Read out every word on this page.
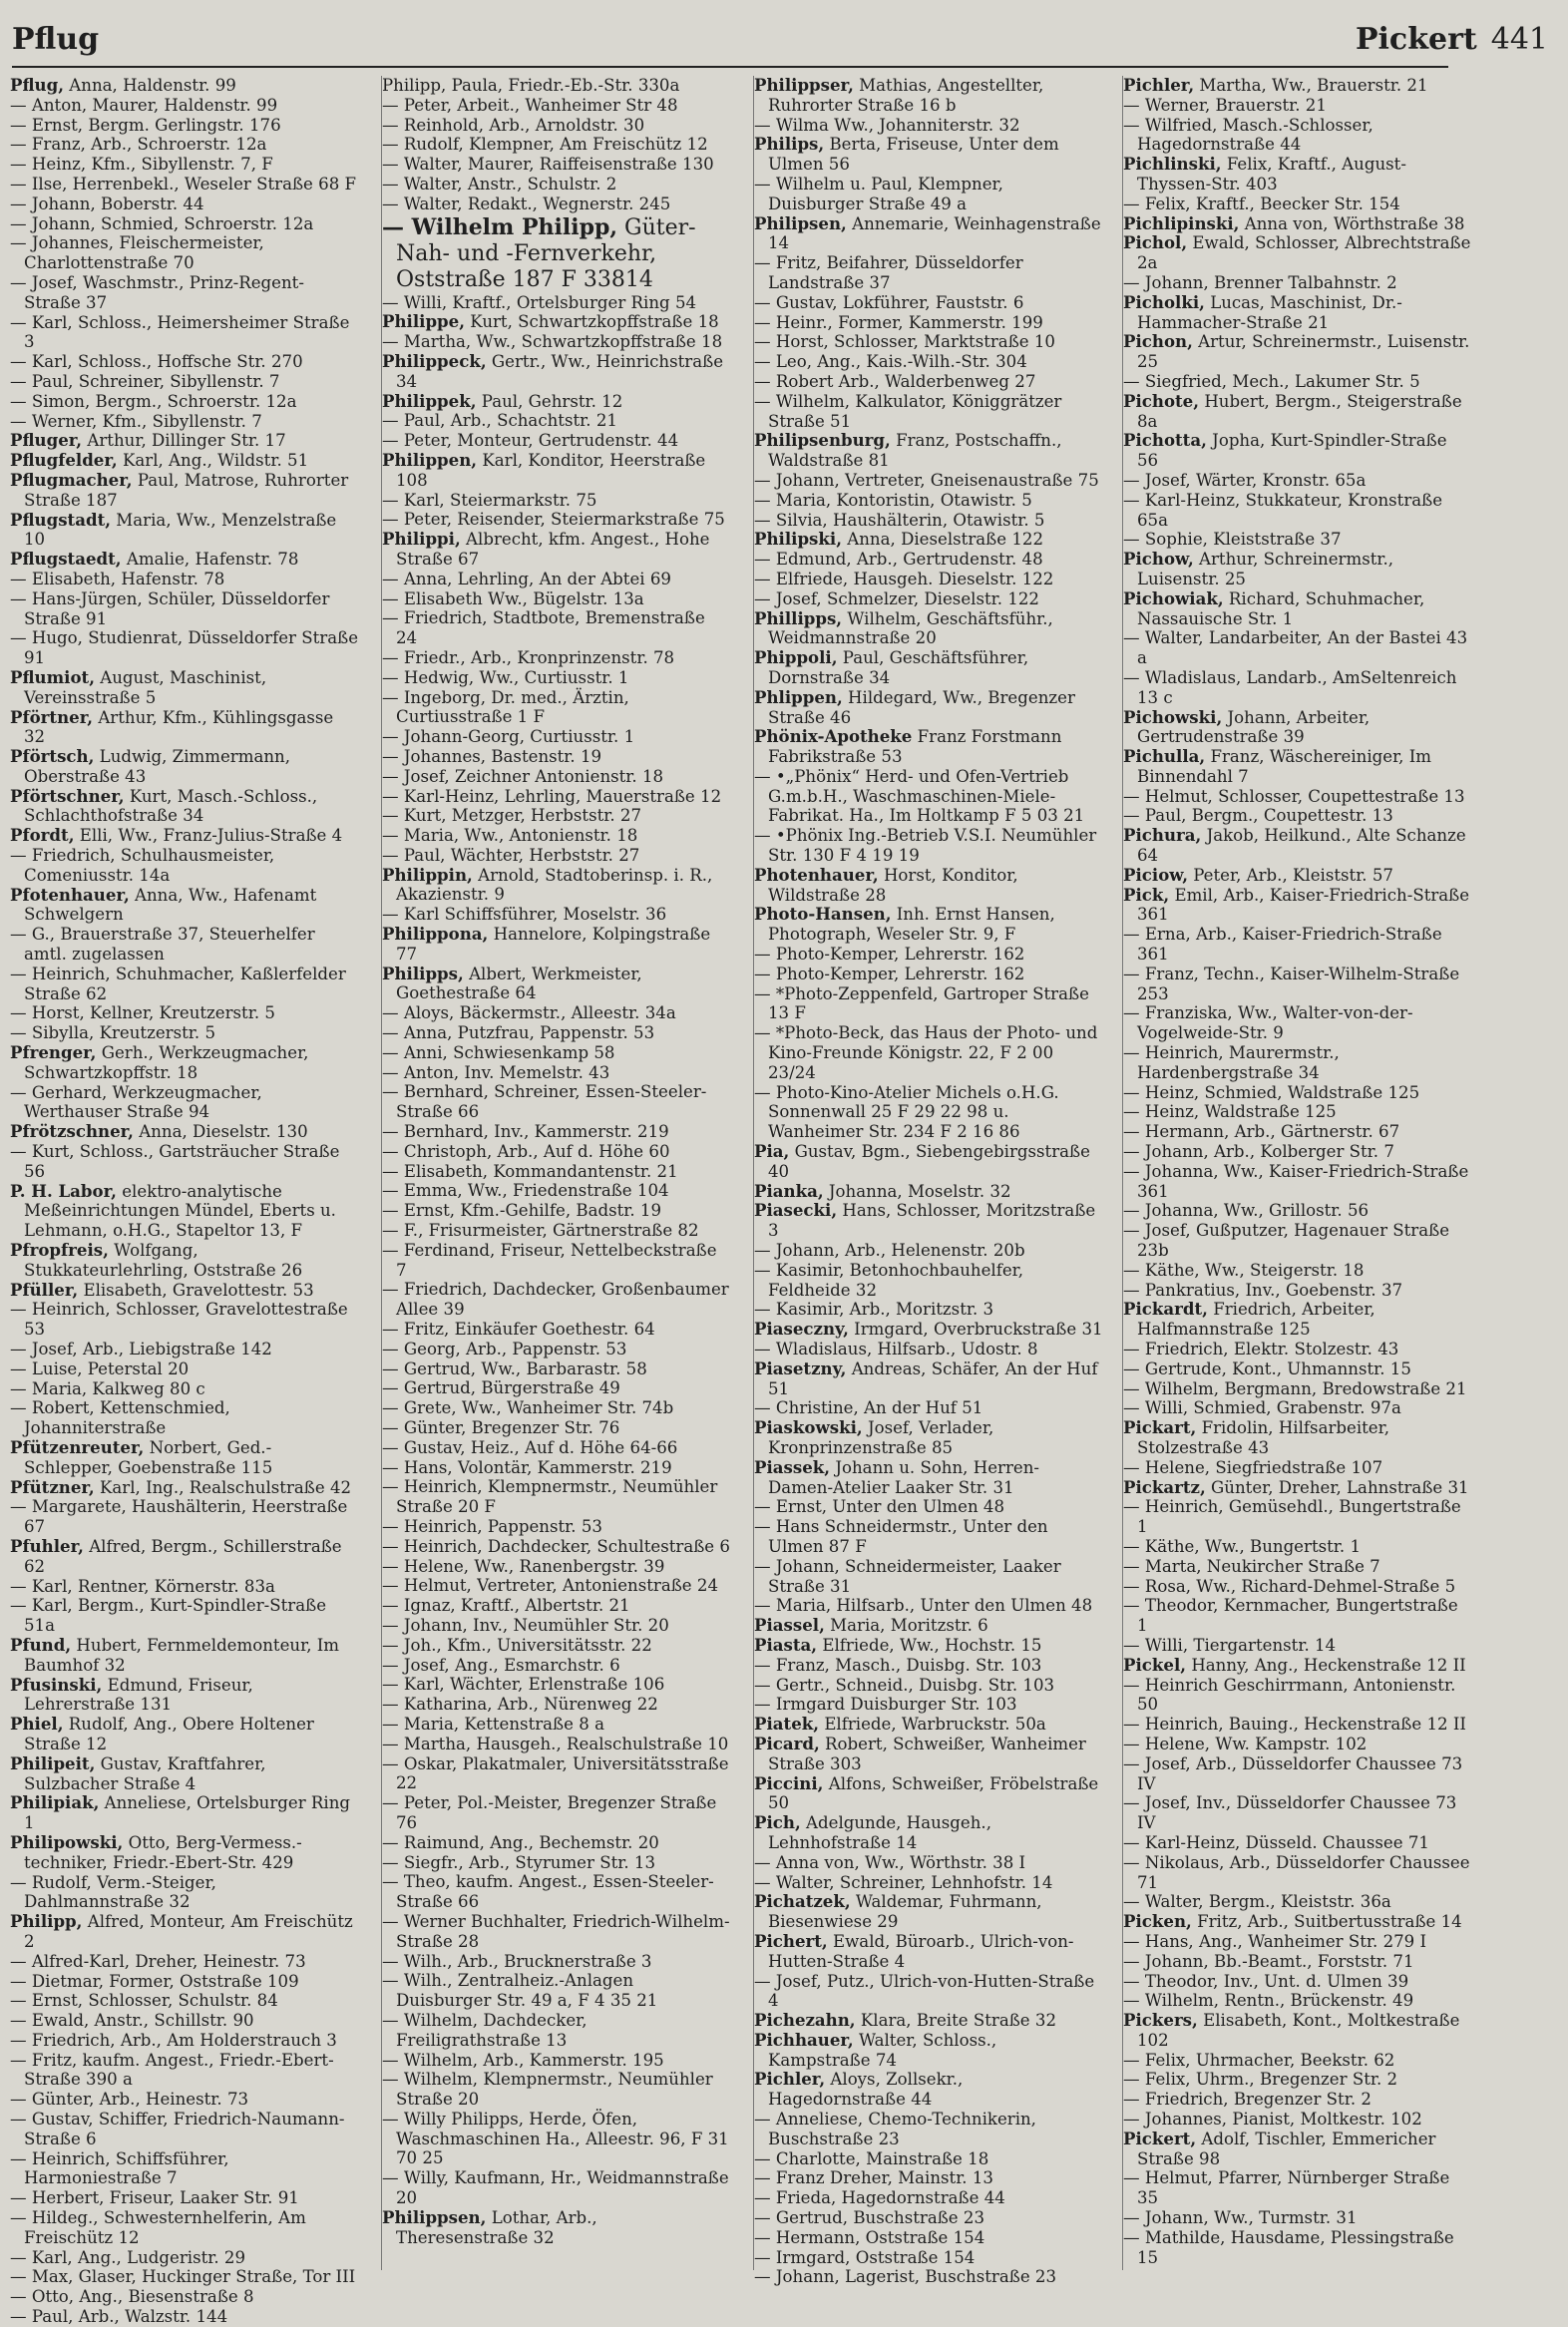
Pflug	Pickert 441

Pflug, Anna, Haldenstr. 99

— Anton, Maurer, Haldenstr. 99

— Ernst, Bergm. Gerlingstr. 176

— Franz, Arb., Schroerstr. 12a

— Heinz, Kfm., Sibyllenstr. 7, F

— Ilse, Herrenbekl., Weseler Straße 68 F

— Johann, Boberstr. 44

— Johann, Schmied, Schroerstr. 12a

— Johannes, Fleischermeister, Charlottenstraße 70

— Josef, Waschmstr., Prinz-Regent-Straße 37

— Karl, Schloss., Heimersheimer Straße 3

— Karl, Schloss., Hoffsche Str. 270

— Paul, Schreiner, Sibyllenstr. 7

— Simon, Bergm., Schroerstr. 12a

— Werner, Kfm., Sibyllenstr. 7

Pfluger, Arthur, Dillinger Str. 17

Pflugfelder, Karl, Ang., Wildstr. 51

Pflugmacher, Paul, Matrose, Ruhrorter Straße 187

Pflugstadt, Maria, Ww., Menzelstraße 10

Pflugstaedt, Amalie, Hafenstr. 78

— Elisabeth, Hafenstr. 78

— Hans-Jürgen, Schüler, Düsseldorfer Straße 91

— Hugo, Studienrat, Düsseldorfer Straße 91

Pflumiot, August, Maschinist, Vereinsstraße 5

Pförtner, Arthur, Kfm., Kühlingsgasse 32

Pförtsch, Ludwig, Zimmermann, Oberstraße 43

Pförtschner, Kurt, Masch.-Schloss., Schlachthofstraße 34

Pfordt, Elli, Ww., Franz-Julius-Straße 4

— Friedrich, Schulhausmeister, Comeniusstr. 14a

Pfotenhauer, Anna, Ww., Hafenamt Schwelgern

— G., Brauerstraße 37, Steuerhelfer amtl. zugelassen

— Heinrich, Schuhmacher, Kaßlerfelder Straße 62

— Horst, Kellner, Kreutzerstr. 5

— Sibylla, Kreutzerstr. 5

Pfrenger, Gerh., Werkzeugmacher, Schwartzkopffstr. 18

— Gerhard, Werkzeugmacher, Werthauser Straße 94

Pfrötzschner, Anna, Dieselstr. 130

— Kurt, Schloss., Gartsträucher Straße 56

P. H. Labor, elektro-analytische Meßeinrichtungen Mündel, Eberts u. Lehmann, o.H.G., Stapeltor 13, F

Pfropfreis, Wolfgang, Stukkateurlehrling, Oststraße 26

Pfüller, Elisabeth, Gravelottestr. 53

— Heinrich, Schlosser, Gravelottestraße 53

— Josef, Arb., Liebigstraße 142

— Luise, Peterstal 20

— Maria, Kalkweg 80 c

— Robert, Kettenschmied, Johanniterstraße

Pfützenreuter, Norbert, Ged.-Schlepper, Goebenstraße 115

Pfützner, Karl, Ing., Realschulstraße 42

— Margarete, Haushälterin, Heerstraße 67

Pfuhler, Alfred, Bergm., Schillerstraße 62

— Karl, Rentner, Körnerstr. 83a

— Karl, Bergm., Kurt-Spindler-Straße 51a

Pfund, Hubert, Fernmeldemonteur, Im Baumhof 32

Pfusinski, Edmund, Friseur, Lehrerstraße 131

Phiel, Rudolf, Ang., Obere Holtener Straße 12

Philipeit, Gustav, Kraftfahrer, Sulzbacher Straße 4

Philipiak, Anneliese, Ortelsburger Ring 1

Philipowski, Otto, Berg-Vermess.-techniker, Friedr.-Ebert-Str. 429

— Rudolf, Verm.-Steiger, Dahlmannstraße 32

Philipp, Alfred, Monteur, Am Freischütz 2

— Alfred-Karl, Dreher, Heinestr. 73

— Dietmar, Former, Oststraße 109

— Ernst, Schlosser, Schulstr. 84

— Ewald, Anstr., Schillstr. 90

— Friedrich, Arb., Am Holderstrauch 3

— Fritz, kaufm. Angest., Friedr.-Ebert-Straße 390 a

— Günter, Arb., Heinestr. 73

— Gustav, Schiffer, Friedrich-Naumann-Straße 6

— Heinrich, Schiffsführer, Harmoniestraße 7

— Herbert, Friseur, Laaker Str. 91

— Hildeg., Schwesternhelferin, Am Freischütz 12

— Karl, Ang., Ludgeristr. 29

— Max, Glaser, Huckinger Straße, Tor III

— Otto, Ang., Biesenstraße 8

— Paul, Arb., Walzstr. 144

Philipp, Paula, Friedr.-Eb.-Str. 330a

— Peter, Arbeit., Wanheimer Str 48

— Reinhold, Arb., Arnoldstr. 30

— Rudolf, Klempner, Am Freischütz 12

— Walter, Maurer, Raiffeisenstraße 130

— Walter, Anstr., Schulstr. 2

— Walter, Redakt., Wegnerstr. 245

— Wilhelm Philipp, Güter-Nah- und -Fernverkehr, Oststraße 187 F 33814

— Willi, Kraftf., Ortelsburger Ring 54

Philippe, Kurt, Schwartzkopffstraße 18

— Martha, Ww., Schwartzkopffstraße 18

Philippeck, Gertr., Ww., Heinrichstraße 34

Philippek, Paul, Gehrstr. 12

— Paul, Arb., Schachtstr. 21

— Peter, Monteur, Gertrudenstr. 44

Philippen, Karl, Konditor, Heerstraße 108

— Karl, Steiermarkstr. 75

— Peter, Reisender, Steiermarkstraße 75

Philippi, Albrecht, kfm. Angest., Hohe Straße 67

— Anna, Lehrling, An der Abtei 69

— Elisabeth Ww., Bügelstr. 13a

— Friedrich, Stadtbote, Bremenstraße 24

— Friedr., Arb., Kronprinzenstr. 78

— Hedwig, Ww., Curtiusstr. 1

— Ingeborg, Dr. med., Ärztin, Curtiusstraße 1 F

— Johann-Georg, Curtiusstr. 1

— Johannes, Bastenstr. 19

— Josef, Zeichner Antonienstr. 18

— Karl-Heinz, Lehrling, Mauerstraße 12

— Kurt, Metzger, Herbststr. 27

— Maria, Ww., Antonienstr. 18

— Paul, Wächter, Herbststr. 27

Philippin, Arnold, Stadtoberinsp. i. R., Akazienstr. 9

— Karl Schiffsführer, Moselstr. 36

Philippona, Hannelore, Kolpingstraße 77

Philipps, Albert, Werkmeister, Goethestraße 64

— Aloys, Bäckermstr., Alleestr. 34a

— Anna, Putzfrau, Pappenstr. 53

— Anni, Schwiesenkamp 58

— Anton, Inv. Memelstr. 43

— Bernhard, Schreiner, Essen-Steeler-Straße 66

— Bernhard, Inv., Kammerstr. 219

— Christoph, Arb., Auf d. Höhe 60

— Elisabeth, Kommandantenstr. 21

— Emma, Ww., Friedenstraße 104

— Ernst, Kfm.-Gehilfe, Badstr. 19

— F., Frisurmeister, Gärtnerstraße 82

— Ferdinand, Friseur, Nettelbeckstraße 7

— Friedrich, Dachdecker, Großenbaumer Allee 39

— Fritz, Einkäufer Goethestr. 64

— Georg, Arb., Pappenstr. 53

— Gertrud, Ww., Barbarastr. 58

— Gertrud, Bürgerstraße 49

— Grete, Ww., Wanheimer Str. 74b

— Günter, Bregenzer Str. 76

— Gustav, Heiz., Auf d. Höhe 64-66

— Hans, Volontär, Kammerstr. 219

— Heinrich, Klempnermstr., Neumühler Straße 20 F

— Heinrich, Pappenstr. 53

— Heinrich, Dachdecker, Schultestraße 6

— Helene, Ww., Ranenbergstr. 39

— Helmut, Vertreter, Antonienstraße 24

— Ignaz, Kraftf., Albertstr. 21

— Johann, Inv., Neumühler Str. 20

— Joh., Kfm., Universitätsstr. 22

— Josef, Ang., Esmarchstr. 6

— Karl, Wächter, Erlenstraße 106

— Katharina, Arb., Nürenweg 22

— Maria, Kettenstraße 8 a

— Martha, Hausgeh., Realschulstraße 10

— Oskar, Plakatmaler, Universitätsstraße 22

— Peter, Pol.-Meister, Bregenzer Straße 76

— Raimund, Ang., Bechemstr. 20

— Siegfr., Arb., Styrumer Str. 13

— Theo, kaufm. Angest., Essen-Steeler-Straße 66

— Werner Buchhalter, Friedrich-Wilhelm-Straße 28

— Wilh., Arb., Brucknerstraße 3

— Wilh., Zentralheiz.-Anlagen Duisburger Str. 49 a, F 4 35 21

— Wilhelm, Dachdecker, Freiligrathstraße 13

— Wilhelm, Arb., Kammerstr. 195

— Wilhelm, Klempnermstr., Neumühler Straße 20

— Willy Philipps, Herde, Öfen, Waschmaschinen Ha., Alleestr. 96, F 31 70 25

— Willy, Kaufmann, Hr., Weidmannstraße 20

Philippsen, Lothar, Arb., Theresenstraße 32

Philippser, Mathias, Angestellter, Ruhrorter Straße 16 b

— Wilma Ww., Johanniterstr. 32

Philips, Berta, Friseuse, Unter dem Ulmen 56

— Wilhelm u. Paul, Klempner, Duisburger Straße 49 a

Philipsen, Annemarie, Weinhagenstraße 14

— Fritz, Beifahrer, Düsseldorfer Landstraße 37

— Gustav, Lokführer, Fauststr. 6

— Heinr., Former, Kammerstr. 199

— Horst, Schlosser, Marktstraße 10

— Leo, Ang., Kais.-Wilh.-Str. 304

— Robert Arb., Walderbenweg 27

— Wilhelm, Kalkulator, Königgrätzer Straße 51

Philipsenburg, Franz, Postschaffn., Waldstraße 81

— Johann, Vertreter, Gneisenaustraße 75

— Maria, Kontoristin, Otawistr. 5

— Silvia, Haushälterin, Otawistr. 5

Philipski, Anna, Dieselstraße 122

— Edmund, Arb., Gertrudenstr. 48

— Elfriede, Hausgeh. Dieselstr. 122

— Josef, Schmelzer, Dieselstr. 122

Phillipps, Wilhelm, Geschäftsführ., Weidmannstraße 20

Phippoli, Paul, Geschäftsführer, Dornstraße 34

Phlippen, Hildegard, Ww., Bregenzer Straße 46

Phönix-Apotheke Franz Forstmann Fabrikstraße 53

— •„Phönix“ Herd- und Ofen-Vertrieb G.m.b.H., Waschmaschinen-Miele-Fabrikat. Ha., Im Holtkamp F 5 03 21

— •Phönix Ing.-Betrieb V.S.I. Neumühler Str. 130 F 4 19 19

Photenhauer, Horst, Konditor, Wildstraße 28

Photo-Hansen, Inh. Ernst Hansen, Photograph, Weseler Str. 9, F

— Photo-Kemper, Lehrerstr. 162

— Photo-Kemper, Lehrerstr. 162

— *Photo-Zeppenfeld, Gartroper Straße 13 F

— *Photo-Beck, das Haus der Photo- und Kino-Freunde Königstr. 22, F 2 00 23/24

— Photo-Kino-Atelier Michels o.H.G. Sonnenwall 25 F 29 22 98 u. Wanheimer Str. 234 F 2 16 86

Pia, Gustav, Bgm., Siebengebirgsstraße 40

Pianka, Johanna, Moselstr. 32

Piasecki, Hans, Schlosser, Moritzstraße 3

— Johann, Arb., Helenenstr. 20b

— Kasimir, Betonhochbauhelfer, Feldheide 32

— Kasimir, Arb., Moritzstr. 3

Piaseczny, Irmgard, Overbruckstraße 31

— Wladislaus, Hilfsarb., Udostr. 8

Piasetzny, Andreas, Schäfer, An der Huf 51

— Christine, An der Huf 51

Piaskowski, Josef, Verlader, Kronprinzenstraße 85

Piassek, Johann u. Sohn, Herren-Damen-Atelier Laaker Str. 31

— Ernst, Unter den Ulmen 48

— Hans Schneidermstr., Unter den Ulmen 87 F

— Johann, Schneidermeister, Laaker Straße 31

— Maria, Hilfsarb., Unter den Ulmen 48

Piassel, Maria, Moritzstr. 6

Piasta, Elfriede, Ww., Hochstr. 15

— Franz, Masch., Duisbg. Str. 103

— Gertr., Schneid., Duisbg. Str. 103

— Irmgard Duisburger Str. 103

Piatek, Elfriede, Warbruckstr. 50a

Picard, Robert, Schweißer, Wanheimer Straße 303

Piccini, Alfons, Schweißer, Fröbelstraße 50

Pich, Adelgunde, Hausgeh., Lehnhofstraße 14

— Anna von, Ww., Wörthstr. 38 I

— Walter, Schreiner, Lehnhofstr. 14

Pichatzek, Waldemar, Fuhrmann, Biesenwiese 29

Pichert, Ewald, Büroarb., Ulrich-von-Hutten-Straße 4

— Josef, Putz., Ulrich-von-Hutten-Straße 4

Pichezahn, Klara, Breite Straße 32

Pichhauer, Walter, Schloss., Kampstraße 74

Pichler, Aloys, Zollsekr., Hagedornstraße 44

— Anneliese, Chemo-Technikerin, Buschstraße 23

— Charlotte, Mainstraße 18

— Franz Dreher, Mainstr. 13

— Frieda, Hagedornstraße 44

— Gertrud, Buschstraße 23

— Hermann, Oststraße 154

— Irmgard, Oststraße 154

— Johann, Lagerist, Buschstraße 23

Pichler, Martha, Ww., Brauerstr. 21

— Werner, Brauerstr. 21

— Wilfried, Masch.-Schlosser, Hagedornstraße 44

Pichlinski, Felix, Kraftf., August-Thyssen-Str. 403

— Felix, Kraftf., Beecker Str. 154

Pichlipinski, Anna von, Wörthstraße 38

Pichol, Ewald, Schlosser, Albrechtstraße 2a

— Johann, Brenner Talbahnstr. 2

Picholki, Lucas, Maschinist, Dr.-Hammacher-Straße 21

Pichon, Artur, Schreinermstr., Luisenstr. 25

— Siegfried, Mech., Lakumer Str. 5

Pichote, Hubert, Bergm., Steigerstraße 8a

Pichotta, Jopha, Kurt-Spindler-Straße 56

— Josef, Wärter, Kronstr. 65a

— Karl-Heinz, Stukkateur, Kronstraße 65a

— Sophie, Kleiststraße 37

Pichow, Arthur, Schreinermstr., Luisenstr. 25

Pichowiak, Richard, Schuhmacher, Nassauische Str. 1

— Walter, Landarbeiter, An der Bastei 43 a

— Wladislaus, Landarb., AmSeltenreich 13 c

Pichowski, Johann, Arbeiter, Gertrudenstraße 39

Pichulla, Franz, Wäschereiniger, Im Binnendahl 7

— Helmut, Schlosser, Coupettestraße 13

— Paul, Bergm., Coupettestr. 13

Pichura, Jakob, Heilkund., Alte Schanze 64

Piciow, Peter, Arb., Kleiststr. 57

Pick, Emil, Arb., Kaiser-Friedrich-Straße 361

— Erna, Arb., Kaiser-Friedrich-Straße 361

— Franz, Techn., Kaiser-Wilhelm-Straße 253

— Franziska, Ww., Walter-von-der-Vogelweide-Str. 9

— Heinrich, Maurermstr., Hardenbergstraße 34

— Heinz, Schmied, Waldstraße 125

— Heinz, Waldstraße 125

— Hermann, Arb., Gärtnerstr. 67

— Johann, Arb., Kolberger Str. 7

— Johanna, Ww., Kaiser-Friedrich-Straße 361

— Johanna, Ww., Grillostr. 56

— Josef, Gußputzer, Hagenauer Straße 23b

— Käthe, Ww., Steigerstr. 18

— Pankratius, Inv., Goebenstr. 37

Pickardt, Friedrich, Arbeiter, Halfmannstraße 125

— Friedrich, Elektr. Stolzestr. 43

— Gertrude, Kont., Uhmannstr. 15

— Wilhelm, Bergmann, Bredowstraße 21

— Willi, Schmied, Grabenstr. 97a

Pickart, Fridolin, Hilfsarbeiter, Stolzestraße 43

— Helene, Siegfriedstraße 107

Pickartz, Günter, Dreher, Lahnstraße 31

— Heinrich, Gemüsehdl., Bungertstraße 1

— Käthe, Ww., Bungertstr. 1

— Marta, Neukircher Straße 7

— Rosa, Ww., Richard-Dehmel-Straße 5

— Theodor, Kernmacher, Bungertstraße 1

— Willi, Tiergartenstr. 14

Pickel, Hanny, Ang., Heckenstraße 12 II

— Heinrich Geschirrmann, Antonienstr. 50

— Heinrich, Bauing., Heckenstraße 12 II

— Helene, Ww. Kampstr. 102

— Josef, Arb., Düsseldorfer Chaussee 73 IV

— Josef, Inv., Düsseldorfer Chaussee 73 IV

— Karl-Heinz, Düsseld. Chaussee 71

— Nikolaus, Arb., Düsseldorfer Chaussee 71

— Walter, Bergm., Kleiststr. 36a

Picken, Fritz, Arb., Suitbertusstraße 14

— Hans, Ang., Wanheimer Str. 279 I

— Johann, Bb.-Beamt., Forststr. 71

— Theodor, Inv., Unt. d. Ulmen 39

— Wilhelm, Rentn., Brückenstr. 49

Pickers, Elisabeth, Kont., Moltkestraße 102

— Felix, Uhrmacher, Beekstr. 62

— Felix, Uhrm., Bregenzer Str. 2

— Friedrich, Bregenzer Str. 2

— Johannes, Pianist, Moltkestr. 102

Pickert, Adolf, Tischler, Emmericher Straße 98

— Helmut, Pfarrer, Nürnberger Straße 35

— Johann, Ww., Turmstr. 31

— Mathilde, Hausdame, Plessingstraße 15
